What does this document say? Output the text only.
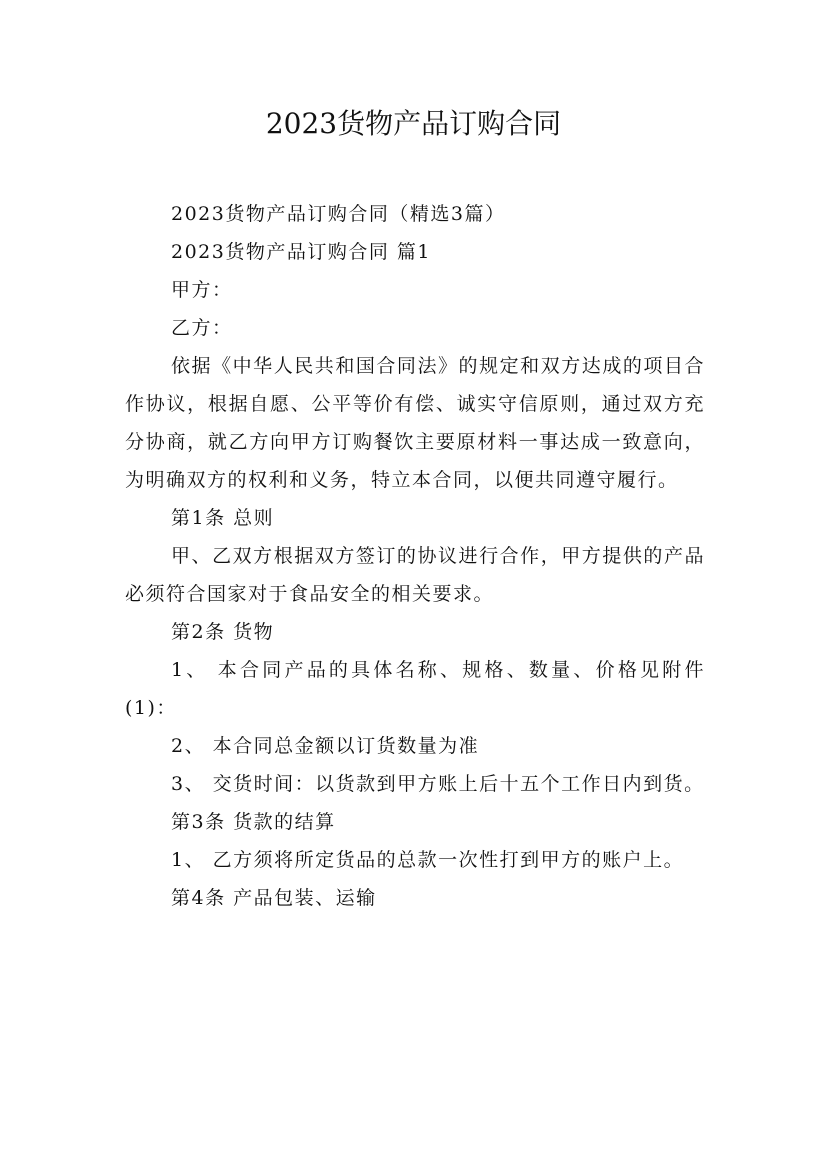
2023货物产品订购合同

2023货物产品订购合同（精选3篇）

2023货物产品订购合同 篇1

甲方：

乙方：

依据《中华人民共和国合同法》的规定和双方达成的项目合作协议，根据自愿、公平等价有偿、诚实守信原则，通过双方充分协商，就乙方向甲方订购餐饮主要原材料一事达成一致意向，为明确双方的权利和义务，特立本合同，以便共同遵守履行。

第1条 总则

甲、乙双方根据双方签订的协议进行合作，甲方提供的产品必须符合国家对于食品安全的相关要求。

第2条 货物

1、 本合同产品的具体名称、规格、数量、价格见附件(1)：

2、 本合同总金额以订货数量为准

3、 交货时间：以货款到甲方账上后十五个工作日内到货。

第3条 货款的结算

1、 乙方须将所定货品的总款一次性打到甲方的账户上。

第4条 产品包装、运输
